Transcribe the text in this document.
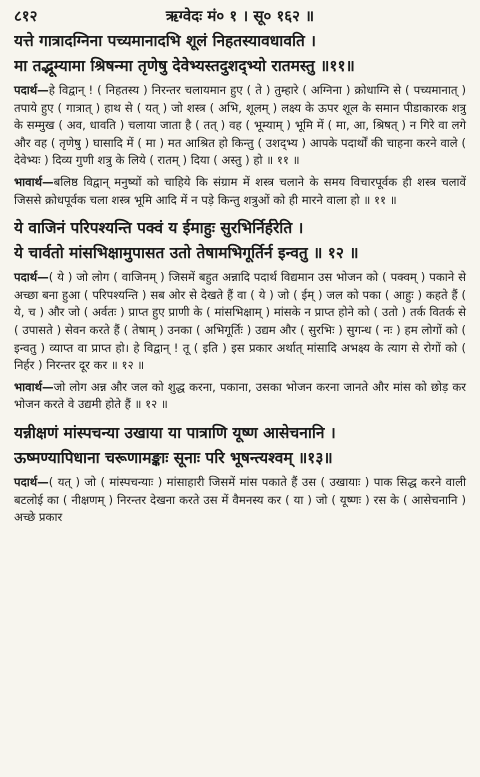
८१२	ऋग्वेदः मं० १ । सू० १६२ ॥
यत्ते गात्रादग्निना पच्यमानादभि शूलं निहतस्यावधावति ।
मा तद्भूम्यामा श्रिषन्मा तृणेषु देवेभ्यस्तदुशद्भ्यो रातमस्तु ॥११॥

पदार्थ—हे विद्वान् ! ( निहतस्य ) निरन्तर चलायमान हुए ( ते ) तुम्हारे ( अग्निना ) क्रोधाग्नि से ( पच्यमानात् ) तपाये हुए ( गात्रात् ) हाथ से ( यत् ) जो शस्त्र ( अभि, शूलम् ) लक्ष्य के ऊपर शूल के समान पीडाकारक शत्रु के सम्मुख ( अव, धावति ) चलाया जाता है ( तत् ) वह ( भूम्याम् ) भूमि में ( मा, आ, श्रिषत् ) न गिरे वा लगे और वह ( तृणेषु ) घासादि में ( मा ) मत आश्रित हो किन्तु ( उशद्भ्य ) आपके पदार्थों की चाहना करने वाले ( देवेभ्यः ) दिव्य गुणी शत्रु के लिये ( रातम् ) दिया ( अस्तु ) हो ॥ ११ ॥

भावार्थ—बलिष्ठ विद्वान् मनुष्यों को चाहिये कि संग्राम में शस्त्र चलाने के समय विचारपूर्वक ही शस्त्र चलावें जिससे क्रोधपूर्वक चला शस्त्र भूमि आदि में न पड़े किन्तु शत्रुओं को ही मारने वाला हो ॥ ११ ॥

ये वाजिनं परिपश्यन्ति पक्वं य ईमाहुः सुरभिर्निर्हरेति ।
ये चार्वतो मांसभिक्षामुपासत उतो तेषामभिगूर्तिर्न इन्वतु ॥ १२ ॥

पदार्थ—( ये ) जो लोग ( वाजिनम् ) जिसमें बहुत अन्नादि पदार्थ विद्यमान उस भोजन को ( पक्वम् ) पकाने से अच्छा बना हुआ ( परिपश्यन्ति ) सब ओर से देखते हैं वा ( ये ) जो ( ईम् ) जल को पका ( आहुः ) कहते हैं ( ये, च ) और जो ( अर्वतः ) प्राप्त हुए प्राणी के ( मांसभिक्षाम् ) मांसके न प्राप्त होने को ( उतो ) तर्क वितर्क से ( उपासते ) सेवन करते हैं ( तेषाम् ) उनका ( अभिगूर्तिः ) उद्यम और ( सुरभिः ) सुगन्ध ( नः ) हम लोगों को ( इन्वतु ) व्याप्त वा प्राप्त हो। हे विद्वान् ! तू ( इति ) इस प्रकार अर्थात् मांसादि अभक्ष्य के त्याग से रोगों को ( निर्हर ) निरन्तर दूर कर ॥ १२ ॥

भावार्थ—जो लोग अन्न और जल को शुद्ध करना, पकाना, उसका भोजन करना जानते और मांस को छोड़ कर भोजन करते वे उद्यमी होते हैं ॥ १२ ॥

यन्नीक्षणं मांस्पचन्या उखाया या पात्राणि यूष्ण आसेचनानि ।
ऊष्मण्यापिधाना चरूणामङ्काः सूनाः परि भूषन्त्यश्वम् ॥१३॥

पदार्थ—( यत् ) जो ( मांस्पचन्याः ) मांसाहारी जिसमें मांस पकाते हैं उस ( उखायाः ) पाक सिद्ध करने वाली बटलोई का ( नीक्षणम् ) निरन्तर देखना करते उस में वैमनस्य कर ( या ) जो ( यूष्णः ) रस के ( आसेचनानि ) अच्छे प्रकार
